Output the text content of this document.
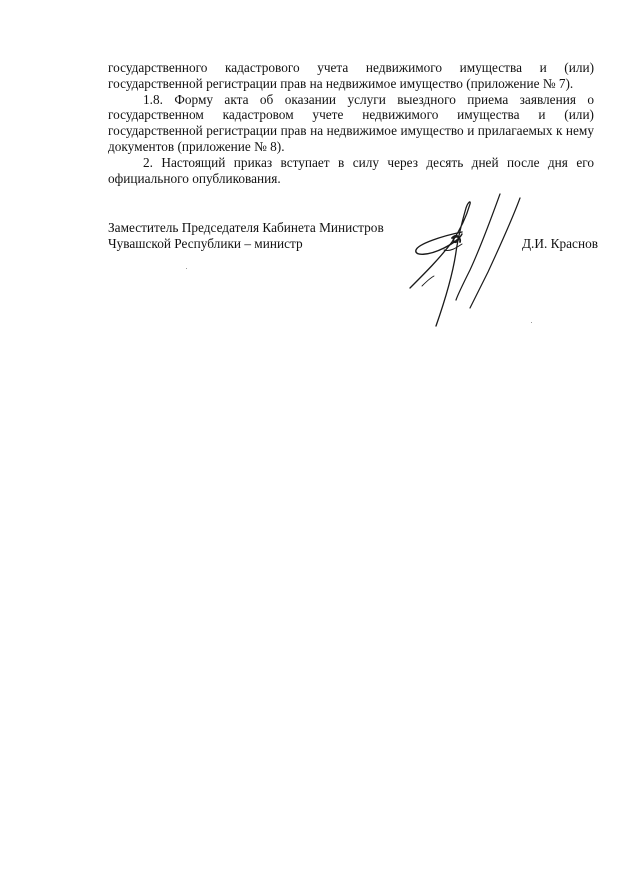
государственного кадастрового учета недвижимого имущества и (или) государственной регистрации прав на недвижимое имущество (приложение № 7).

1.8. Форму акта об оказании услуги выездного приема заявления о государственном кадастровом учете недвижимого имущества и (или) государственной регистрации прав на недвижимое имущество и прилагаемых к нему документов (приложение № 8).

2. Настоящий приказ вступает в силу через десять дней после дня его официального опубликования.

Заместитель Председателя Кабинета Министров
Чувашской Республики – министр	Д.И. Краснов
